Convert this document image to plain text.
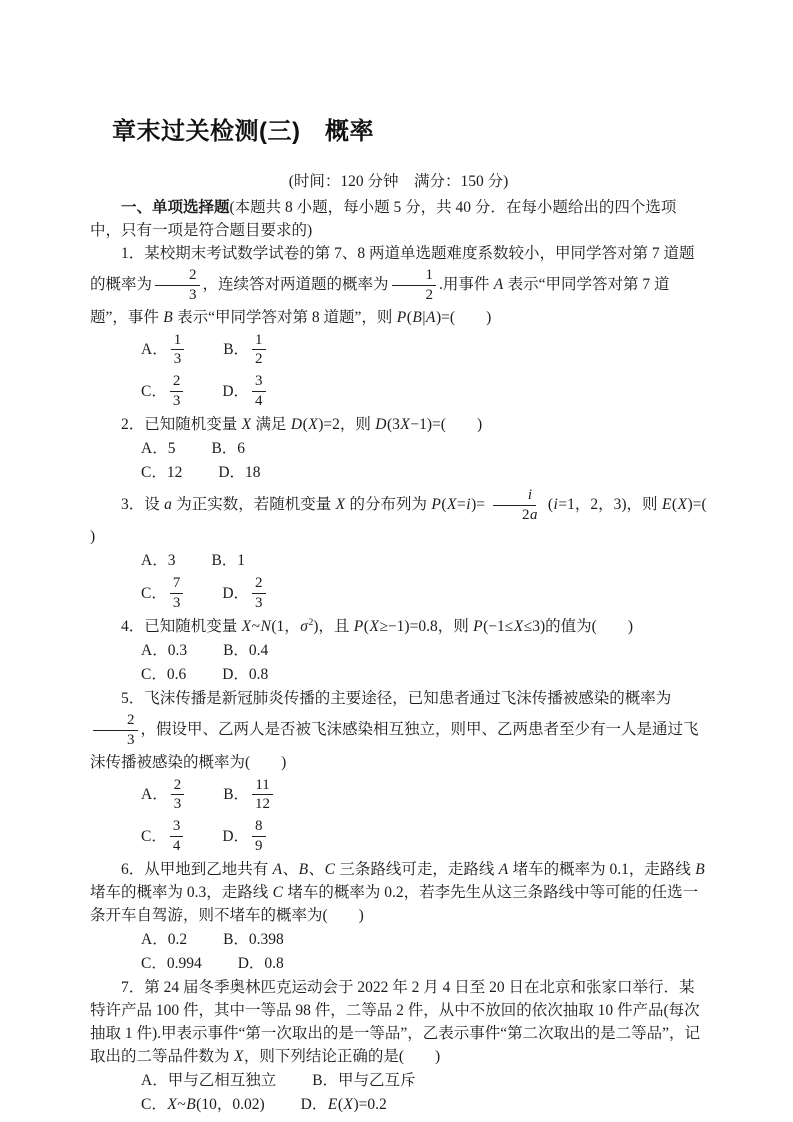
章末过关检测(三)　概率

(时间：120 分钟　满分：150 分)

一、单项选择题(本题共 8 小题，每小题 5 分，共 40 分．在每小题给出的四个选项中，只有一项是符合题目要求的)

1．某校期末考试数学试卷的第 7、8 两道单选题难度系数较小，甲同学答对第 7 道题的概率为 $\frac{2}{3}$ ，连续答对两道题的概率为 $\frac{1}{2}$ .用事件 A 表示“甲同学答对第 7 道题”，事件 B 表示“甲同学答对第 8 道题”，则 P(B|A)=(　　 )

A． $\frac{1}{3}$	B． $\frac{1}{2}$
C． $\frac{2}{3}$	D． $\frac{3}{4}$

2．已知随机变量 X 满足 D(X)=2，则 D(3X−1)=(　　 )

A．5 B．6
C．12 D．18

3．设 a 为正实数，若随机变量 X 的分布列为 $P(X=i)= \frac{i}{2a} (i=1$，2，3)，则 E(X)=(　　)

A．3 B．1
C． $\frac{7}{3}$	D． $\frac{2}{3}$

4．已知随机变量 X~N(1，$\sigma^2$)，且 P(X≥−1)=0.8，则 P(−1≤X≤3)的值为(　　)

A．0.3 B．0.4
C．0.6 D．0.8

5．飞沫传播是新冠肺炎传播的主要途径，已知患者通过飞沫传播被感染的概率为
$\frac{2}{3}$ ，假设甲、乙两人是否被飞沫感染相互独立，则甲、乙两患者至少有一人是通过飞沫传播被感染的概率为(　　)

A． $\frac{2}{3}$	B． $\frac{11}{12}$
C． $\frac{3}{4}$	D． $\frac{8}{9}$

6．从甲地到乙地共有 A、B、C 三条路线可走，走路线 A 堵车的概率为 0.1，走路线 B 堵车的概率为 0.3，走路线 C 堵车的概率为 0.2，若李先生从这三条路线中等可能的任选一条开车自驾游，则不堵车的概率为(　　)

A．0.2 B．0.398
C．0.994 D．0.8

7．第 24 届冬季奥林匹克运动会于 2022 年 2 月 4 日至 20 日在北京和张家口举行．某特许产品 100 件，其中一等品 98 件，二等品 2 件，从中不放回的依次抽取 10 件产品(每次抽取 1 件).甲表示事件“第一次取出的是一等品”，乙表示事件“第二次取出的是二等品”，记取出的二等品件数为 X，则下列结论正确的是(　　)

A．甲与乙相互独立 B．甲与乙互斥
C． X~B(10，0.02) D． E(X)=0.2
